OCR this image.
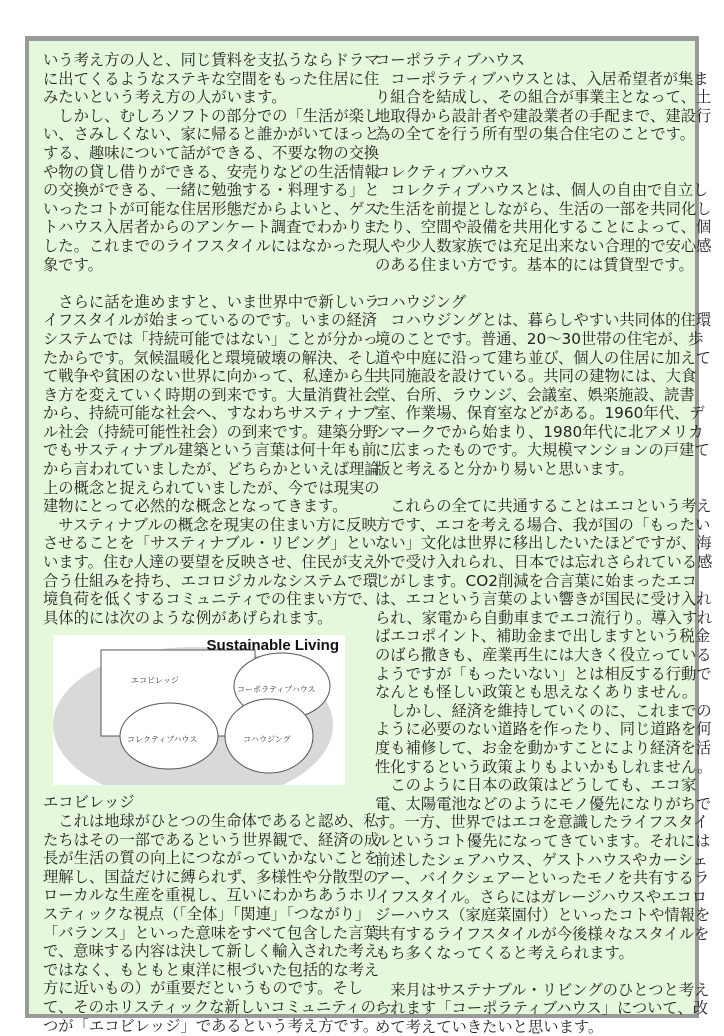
いう考え方の人と、同じ賃料を支払うならドラマ
に出てくるようなステキな空間をもった住居に住
みたいという考え方の人がいます。
　しかし、むしろソフトの部分での「生活が楽し
い、さみしくない、家に帰ると誰かがいてほっと
する、趣味について話ができる、不要な物の交換
や物の貸し借りができる、安売りなどの生活情報
の交換ができる、一緒に勉強する・料理する」と
いったコトが可能な住居形態だからよいと、ゲス
トハウス入居者からのアンケート調査でわかりま
した。これまでのライフスタイルにはなかった現
象です。
　さらに話を進めますと、いま世界中で新しいラ
イフスタイルが始まっているのです。いまの経済
システムでは「持続可能ではない」ことが分かっ
たからです。気候温暖化と環境破壊の解決、そし
て戦争や貧困のない世界に向かって、私達から生
き方を変えていく時期の到来です。大量消費社会
から、持続可能な社会へ、すなわちサスティナブ
ル社会（持続可能性社会）の到来です。建築分野
でもサスティナブル建築という言葉は何十年も前
から言われていましたが、どちらかといえば理論
上の概念と捉えられていましたが、今では現実の
建物にとって必然的な概念となってきます。
　サスティナブルの概念を現実の住まい方に反映
させることを「サスティナブル・リビング」とい
います。住む人達の要望を反映させ、住民が支え
合う仕組みを持ち、エコロジカルなシステムで環
境負荷を低くするコミュニティでの住まい方で、
具体的には次のような例があげられます。
Sustainable Living
エコビレッジ
コーポラティブハウス
コレクティブハウス	コハウジング
エコビレッジ
　これは地球がひとつの生命体であると認め、私
たちはその一部であるという世界観で、経済の成
長が生活の質の向上につながっていかないことを
理解し、国益だけに縛られず、多様性や分散型の
ローカルな生産を重視し、互いにわかちあうホリ
スティックな視点（「全体」「関連」「つながり」
「バランス」といった意味をすべて包含した言葉
で、意味する内容は決して新しく輸入された考え
ではなく、もともと東洋に根づいた包括的な考え
方に近いもの）が重要だというものです。そし
て、そのホリスティックな新しいコミュニティの一
つが「エコビレッジ」であるという考え方です。
コーポラティブハウス
　コーポラティブハウスとは、入居希望者が集ま
り組合を結成し、その組合が事業主となって、土
地取得から設計者や建設業者の手配まで、建設行
為の全てを行う所有型の集合住宅のことです。
コレクティブハウス
　コレクティブハウスとは、個人の自由で自立し
た生活を前提としながら、生活の一部を共同化し
たり、空間や設備を共用化することによって、個
人や少人数家族では充足出来ない合理的で安心感
のある住まい方です。基本的には賃貸型です。
コハウジング
　コハウジングとは、暮らしやすい共同体的住環
境のことです。普通、20～30世帯の住宅が、歩
道や中庭に沿って建ち並び、個人の住居に加えて
共同施設を設けている。共同の建物には、大食
堂、台所、ラウンジ、会議室、娯楽施設、読書
室、作業場、保育室などがある。1960年代、デ
ンマークでから始まり、1980年代に北アメリカ
に広まったものです。大規模マンションの戸建て
版と考えると分かり易いと思います。
　これらの全てに共通することはエコという考え
方です、エコを考える場合、我が国の「もったい
ない」文化は世界に移出したいたほどですが、海
外で受け入れられ、日本では忘れさられている感
じがします。CO2削減を合言葉に始まったエコ
は、エコという言葉のよい響きが国民に受け入れ
られ、家電から自動車までエコ流行り。導入すれ
ばエコポイント、補助金まで出しますという税金
のばら撒きも、産業再生には大きく役立っている
ようですが「もったいない」とは相反する行動で
なんとも怪しい政策とも思えなくありません。
　しかし、経済を維持していくのに、これまでの
ように必要のない道路を作ったり、同じ道路を何
度も補修して、お金を動かすことにより経済を活
性化するという政策よりもよいかもしれません。
　このように日本の政策はどうしても、エコ家
電、太陽電池などのようにモノ優先になりがちで
す。一方、世界ではエコを意識したライフスタイ
ルというコト優先になってきています。それには
前述したシェアハウス、ゲストハウスやカーシェ
アー、バイクシェアーといったモノを共有するラ
イフスタイル。さらにはガレージハウスやエコロ
ジーハウス（家庭菜園付）といったコトや情報を
共有するライフスタイルが今後様々なスタイルを
もち多くなってくると考えられます。
　来月はサステナブル・リビングのひとつと考え
られます「コーポラティブハウス」について、改
めて考えていきたいと思います。
